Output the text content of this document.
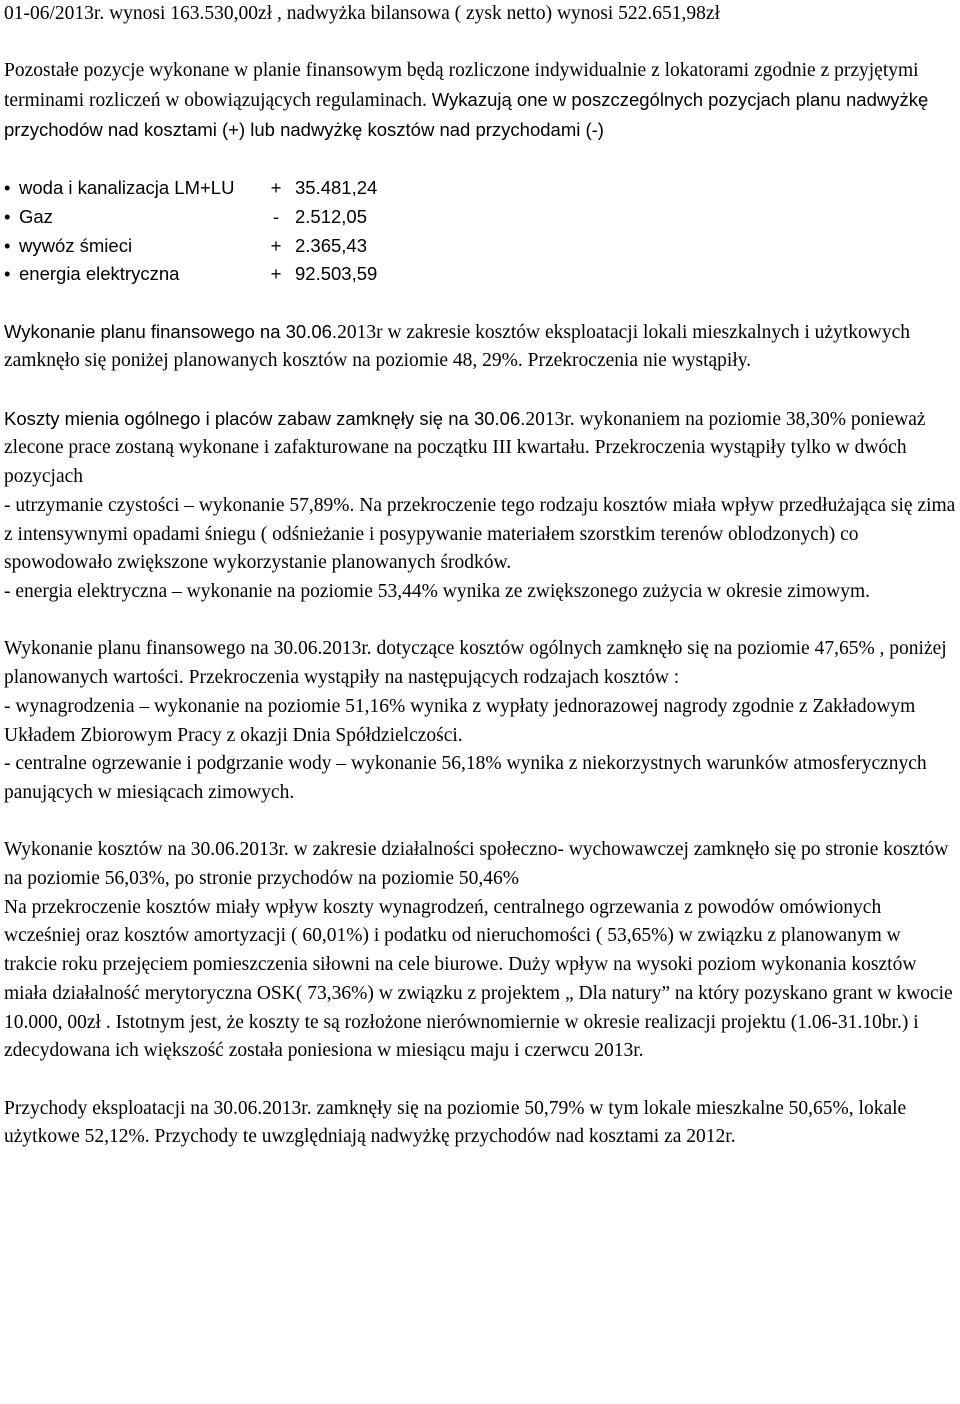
01-06/2013r. wynosi 163.530,00zł , nadwyżka bilansowa ( zysk netto) wynosi 522.651,98zł

Pozostałe pozycje wykonane w planie finansowym będą rozliczone indywidualnie z lokatorami zgodnie z przyjętymi terminami rozliczeń w obowiązujących regulaminach. Wykazują one w poszczególnych pozycjach planu nadwyżkę przychodów nad kosztami (+) lub nadwyżkę kosztów nad przychodami (-)

• woda i kanalizacja LM+LU	+ 35.481,24
• Gaz	- 2.512,05
• wywóz śmieci	+ 2.365,43
• energia elektryczna	+ 92.503,59

Wykonanie planu finansowego na 30.06.2013r w zakresie kosztów eksploatacji lokali mieszkalnych i użytkowych zamknęło się poniżej planowanych kosztów na poziomie 48, 29%. Przekroczenia nie wystąpiły.

Koszty mienia ogólnego i placów zabaw zamknęły się na 30.06.2013r. wykonaniem na poziomie 38,30% ponieważ zlecone prace zostaną wykonane i zafakturowane na początku III kwartału. Przekroczenia wystąpiły tylko w dwóch pozycjach

- utrzymanie czystości – wykonanie 57,89%. Na przekroczenie tego rodzaju kosztów miała wpływ przedłużająca się zima z intensywnymi opadami śniegu ( odśnieżanie i posypywanie materiałem szorstkim terenów oblodzonych) co spowodowało zwiększone wykorzystanie planowanych środków.

- energia elektryczna – wykonanie na poziomie 53,44% wynika ze zwiększonego zużycia w okresie zimowym.

Wykonanie planu finansowego na 30.06.2013r. dotyczące kosztów ogólnych zamknęło się na poziomie 47,65% , poniżej planowanych wartości. Przekroczenia wystąpiły na następujących rodzajach kosztów :

- wynagrodzenia – wykonanie na poziomie 51,16% wynika z wypłaty jednorazowej nagrody zgodnie z Zakładowym Układem Zbiorowym Pracy z okazji Dnia Spółdzielczości.

- centralne ogrzewanie i podgrzanie wody – wykonanie 56,18% wynika z niekorzystnych warunków atmosferycznych panujących w miesiącach zimowych.

Wykonanie kosztów na 30.06.2013r. w zakresie działalności społeczno- wychowawczej zamknęło się po stronie kosztów na poziomie 56,03%, po stronie przychodów na poziomie 50,46%

Na przekroczenie kosztów miały wpływ koszty wynagrodzeń, centralnego ogrzewania z powodów omówionych wcześniej oraz kosztów amortyzacji ( 60,01%) i podatku od nieruchomości ( 53,65%) w związku z planowanym w trakcie roku przejęciem pomieszczenia siłowni na cele biurowe. Duży wpływ na wysoki poziom wykonania kosztów miała działalność merytoryczna OSK( 73,36%) w związku z projektem „ Dla natury” na który pozyskano grant w kwocie 10.000, 00zł . Istotnym jest, że koszty te są rozłożone nierównomiernie w okresie realizacji projektu (1.06-31.10br.) i zdecydowana ich większość została poniesiona w miesiącu maju i czerwcu 2013r.

Przychody eksploatacji na 30.06.2013r. zamknęły się na poziomie 50,79% w tym lokale mieszkalne 50,65%, lokale użytkowe 52,12%. Przychody te uwzględniają nadwyżkę przychodów nad kosztami za 2012r.
